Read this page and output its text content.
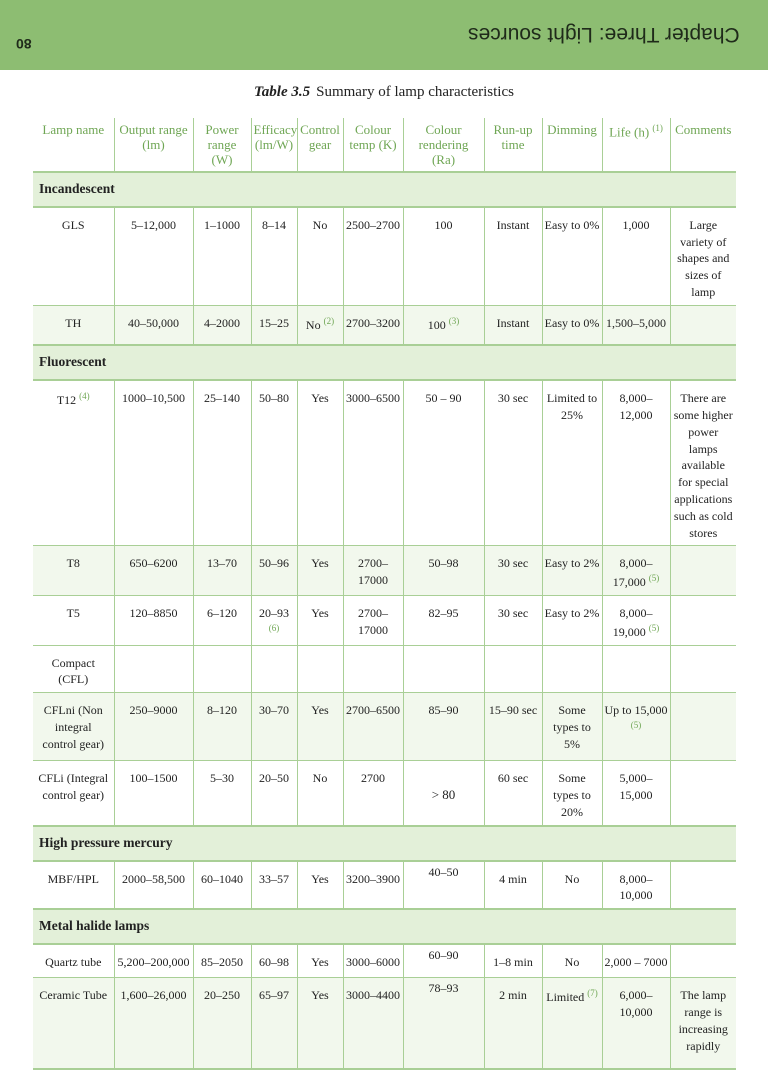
80	Chapter Three: Light sources
Table 3.5 Summary of lamp characteristics
Lamp name	Output range (lm)	Power range (W)	Efficacy (lm/W)	Control gear	Colour temp (K)	Colour rendering (Ra)	Run-up time	Dimming	Life (h) $^{(1)}$	Comments
Incandescent										
GLS	5–12,000	1–1000	8–14	No	2500–2700	100	Instant	Easy to 0%	1,000	Large variety of shapes and sizes of lamp
TH	40–50,000	4–2000	15–25	No $^{(2)}$	2700–3200	100 $^{(3)}$	Instant	Easy to 0%	1,500–5,000	
Fluorescent										
T12 $^{(4)}$	1000–10,500	25–140	50–80	Yes	3000–6500	50 – 90	30 sec	Limited to 25%	8,000–12,000	There are some higher power lamps available for special applications such as cold stores
T8	650–6200	13–70	50–96	Yes	2700–17000	50–98	30 sec	Easy to 2%	8,000–17,000 $^{(5)}$	
T5	120–8850	6–120	20–93 $^{(6)}$	Yes	2700–17000	82–95	30 sec	Easy to 2%	8,000–19,000 $^{(5)}$	
Compact (CFL)										
CFLni (Non integral control gear)	250–9000	8–120	30–70	Yes	2700–6500	85–90	15–90 sec	Some types to 5%	Up to 15,000 $^{(5)}$	
CFLi (Integral control gear)	100–1500	5–30	20–50	No	2700	> 80	60 sec	Some types to 20%	5,000–15,000	
High pressure mercury										
MBF/HPL	2000–58,500	60–1040	33–57	Yes	3200–3900	40–50	4 min	No	8,000–10,000	
Metal halide lamps										
Quartz tube	5,200–200,000	85–2050	60–98	Yes	3000–6000	60–90	1–8 min	No	2,000 – 7000	
Ceramic Tube	1,600–26,000	20–250	65–97	Yes	3000–4400	78–93	2 min	Limited $^{(7)}$	6,000–10,000	The lamp range is increasing rapidly
